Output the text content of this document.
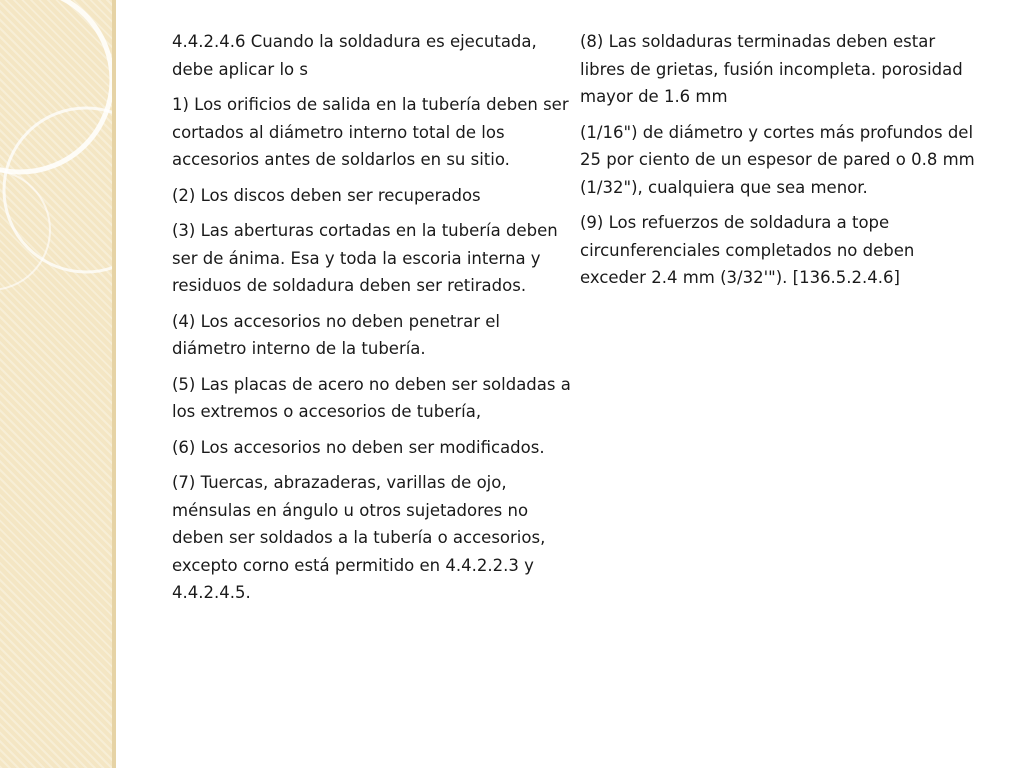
4.4.2.4.6 Cuando la soldadura es ejecutada, debe aplicar lo s

1) Los orificios de salida en la tubería deben ser cortados al diámetro interno total de los accesorios antes de soldarlos en su sitio.

(2) Los discos deben ser recuperados

(3) Las aberturas cortadas en la tubería deben ser de ánima. Esa y toda la escoria interna y residuos de soldadura deben ser retirados.

(4) Los accesorios no deben penetrar el diámetro interno de la tubería.

(5) Las placas de acero no deben ser soldadas a los extremos o accesorios de tubería,

(6) Los accesorios no deben ser modificados.

(7) Tuercas, abrazaderas, varillas de ojo, ménsulas en ángulo u otros sujetadores no deben ser soldados a la tubería o accesorios, excepto corno está permitido en 4.4.2.2.3 y 4.4.2.4.5.

(8) Las soldaduras terminadas deben estar libres de grietas, fusión incompleta. porosidad mayor de 1.6 mm

(1/16") de diámetro y cortes más profundos del 25 por ciento de un espesor de pared o 0.8 mm (1/32"), cualquiera que sea menor.

(9) Los refuerzos de soldadura a tope circunferenciales completados no deben exceder 2.4 mm (3/32'"). [136.5.2.4.6]
